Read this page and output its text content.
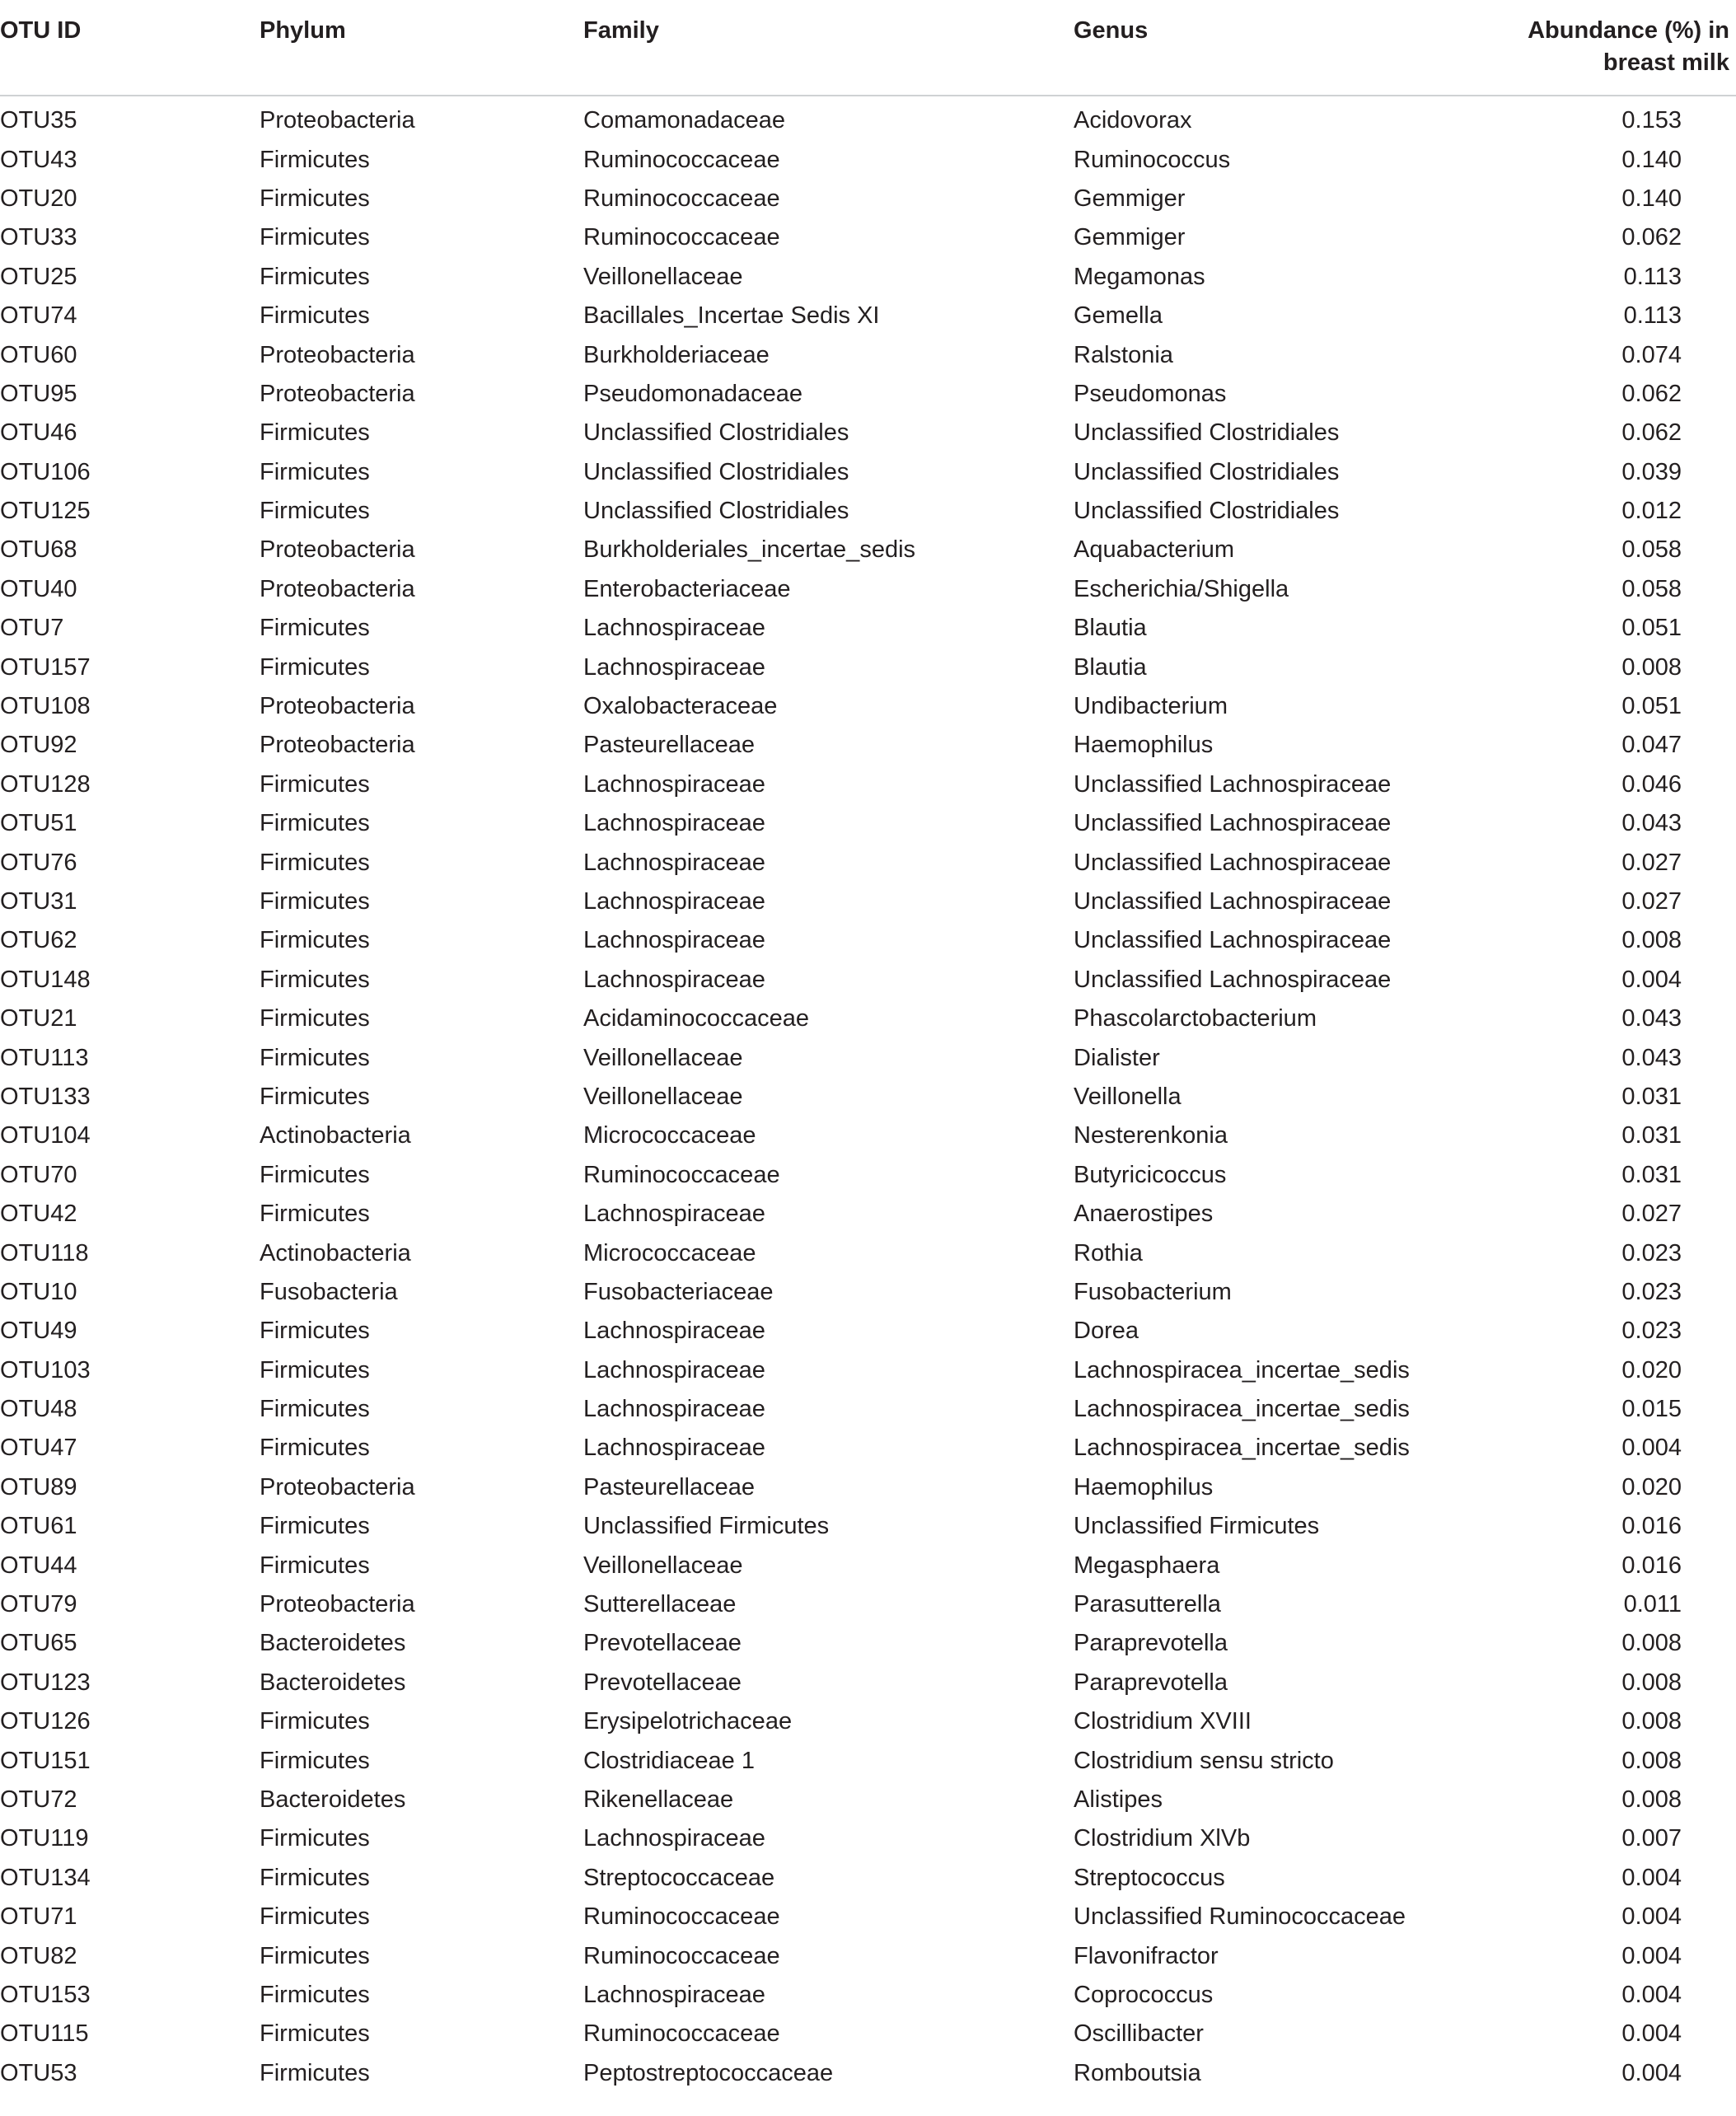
OTU ID	Phylum	Family	Genus	Abundance (%) in breast milk
OTU35	Proteobacteria	Comamonadaceae	Acidovorax	0.153
OTU43	Firmicutes	Ruminococcaceae	Ruminococcus	0.140
OTU20	Firmicutes	Ruminococcaceae	Gemmiger	0.140
OTU33	Firmicutes	Ruminococcaceae	Gemmiger	0.062
OTU25	Firmicutes	Veillonellaceae	Megamonas	0.113
OTU74	Firmicutes	Bacillales_Incertae Sedis XI	Gemella	0.113
OTU60	Proteobacteria	Burkholderiaceae	Ralstonia	0.074
OTU95	Proteobacteria	Pseudomonadaceae	Pseudomonas	0.062
OTU46	Firmicutes	Unclassified Clostridiales	Unclassified Clostridiales	0.062
OTU106	Firmicutes	Unclassified Clostridiales	Unclassified Clostridiales	0.039
OTU125	Firmicutes	Unclassified Clostridiales	Unclassified Clostridiales	0.012
OTU68	Proteobacteria	Burkholderiales_incertae_sedis	Aquabacterium	0.058
OTU40	Proteobacteria	Enterobacteriaceae	Escherichia/Shigella	0.058
OTU7	Firmicutes	Lachnospiraceae	Blautia	0.051
OTU157	Firmicutes	Lachnospiraceae	Blautia	0.008
OTU108	Proteobacteria	Oxalobacteraceae	Undibacterium	0.051
OTU92	Proteobacteria	Pasteurellaceae	Haemophilus	0.047
OTU128	Firmicutes	Lachnospiraceae	Unclassified Lachnospiraceae	0.046
OTU51	Firmicutes	Lachnospiraceae	Unclassified Lachnospiraceae	0.043
OTU76	Firmicutes	Lachnospiraceae	Unclassified Lachnospiraceae	0.027
OTU31	Firmicutes	Lachnospiraceae	Unclassified Lachnospiraceae	0.027
OTU62	Firmicutes	Lachnospiraceae	Unclassified Lachnospiraceae	0.008
OTU148	Firmicutes	Lachnospiraceae	Unclassified Lachnospiraceae	0.004
OTU21	Firmicutes	Acidaminococcaceae	Phascolarctobacterium	0.043
OTU113	Firmicutes	Veillonellaceae	Dialister	0.043
OTU133	Firmicutes	Veillonellaceae	Veillonella	0.031
OTU104	Actinobacteria	Micrococcaceae	Nesterenkonia	0.031
OTU70	Firmicutes	Ruminococcaceae	Butyricicoccus	0.031
OTU42	Firmicutes	Lachnospiraceae	Anaerostipes	0.027
OTU118	Actinobacteria	Micrococcaceae	Rothia	0.023
OTU10	Fusobacteria	Fusobacteriaceae	Fusobacterium	0.023
OTU49	Firmicutes	Lachnospiraceae	Dorea	0.023
OTU103	Firmicutes	Lachnospiraceae	Lachnospiracea_incertae_sedis	0.020
OTU48	Firmicutes	Lachnospiraceae	Lachnospiracea_incertae_sedis	0.015
OTU47	Firmicutes	Lachnospiraceae	Lachnospiracea_incertae_sedis	0.004
OTU89	Proteobacteria	Pasteurellaceae	Haemophilus	0.020
OTU61	Firmicutes	Unclassified Firmicutes	Unclassified Firmicutes	0.016
OTU44	Firmicutes	Veillonellaceae	Megasphaera	0.016
OTU79	Proteobacteria	Sutterellaceae	Parasutterella	0.011
OTU65	Bacteroidetes	Prevotellaceae	Paraprevotella	0.008
OTU123	Bacteroidetes	Prevotellaceae	Paraprevotella	0.008
OTU126	Firmicutes	Erysipelotrichaceae	Clostridium XVIII	0.008
OTU151	Firmicutes	Clostridiaceae 1	Clostridium sensu stricto	0.008
OTU72	Bacteroidetes	Rikenellaceae	Alistipes	0.008
OTU119	Firmicutes	Lachnospiraceae	Clostridium XlVb	0.007
OTU134	Firmicutes	Streptococcaceae	Streptococcus	0.004
OTU71	Firmicutes	Ruminococcaceae	Unclassified Ruminococcaceae	0.004
OTU82	Firmicutes	Ruminococcaceae	Flavonifractor	0.004
OTU153	Firmicutes	Lachnospiraceae	Coprococcus	0.004
OTU115	Firmicutes	Ruminococcaceae	Oscillibacter	0.004
OTU53	Firmicutes	Peptostreptococcaceae	Romboutsia	0.004
